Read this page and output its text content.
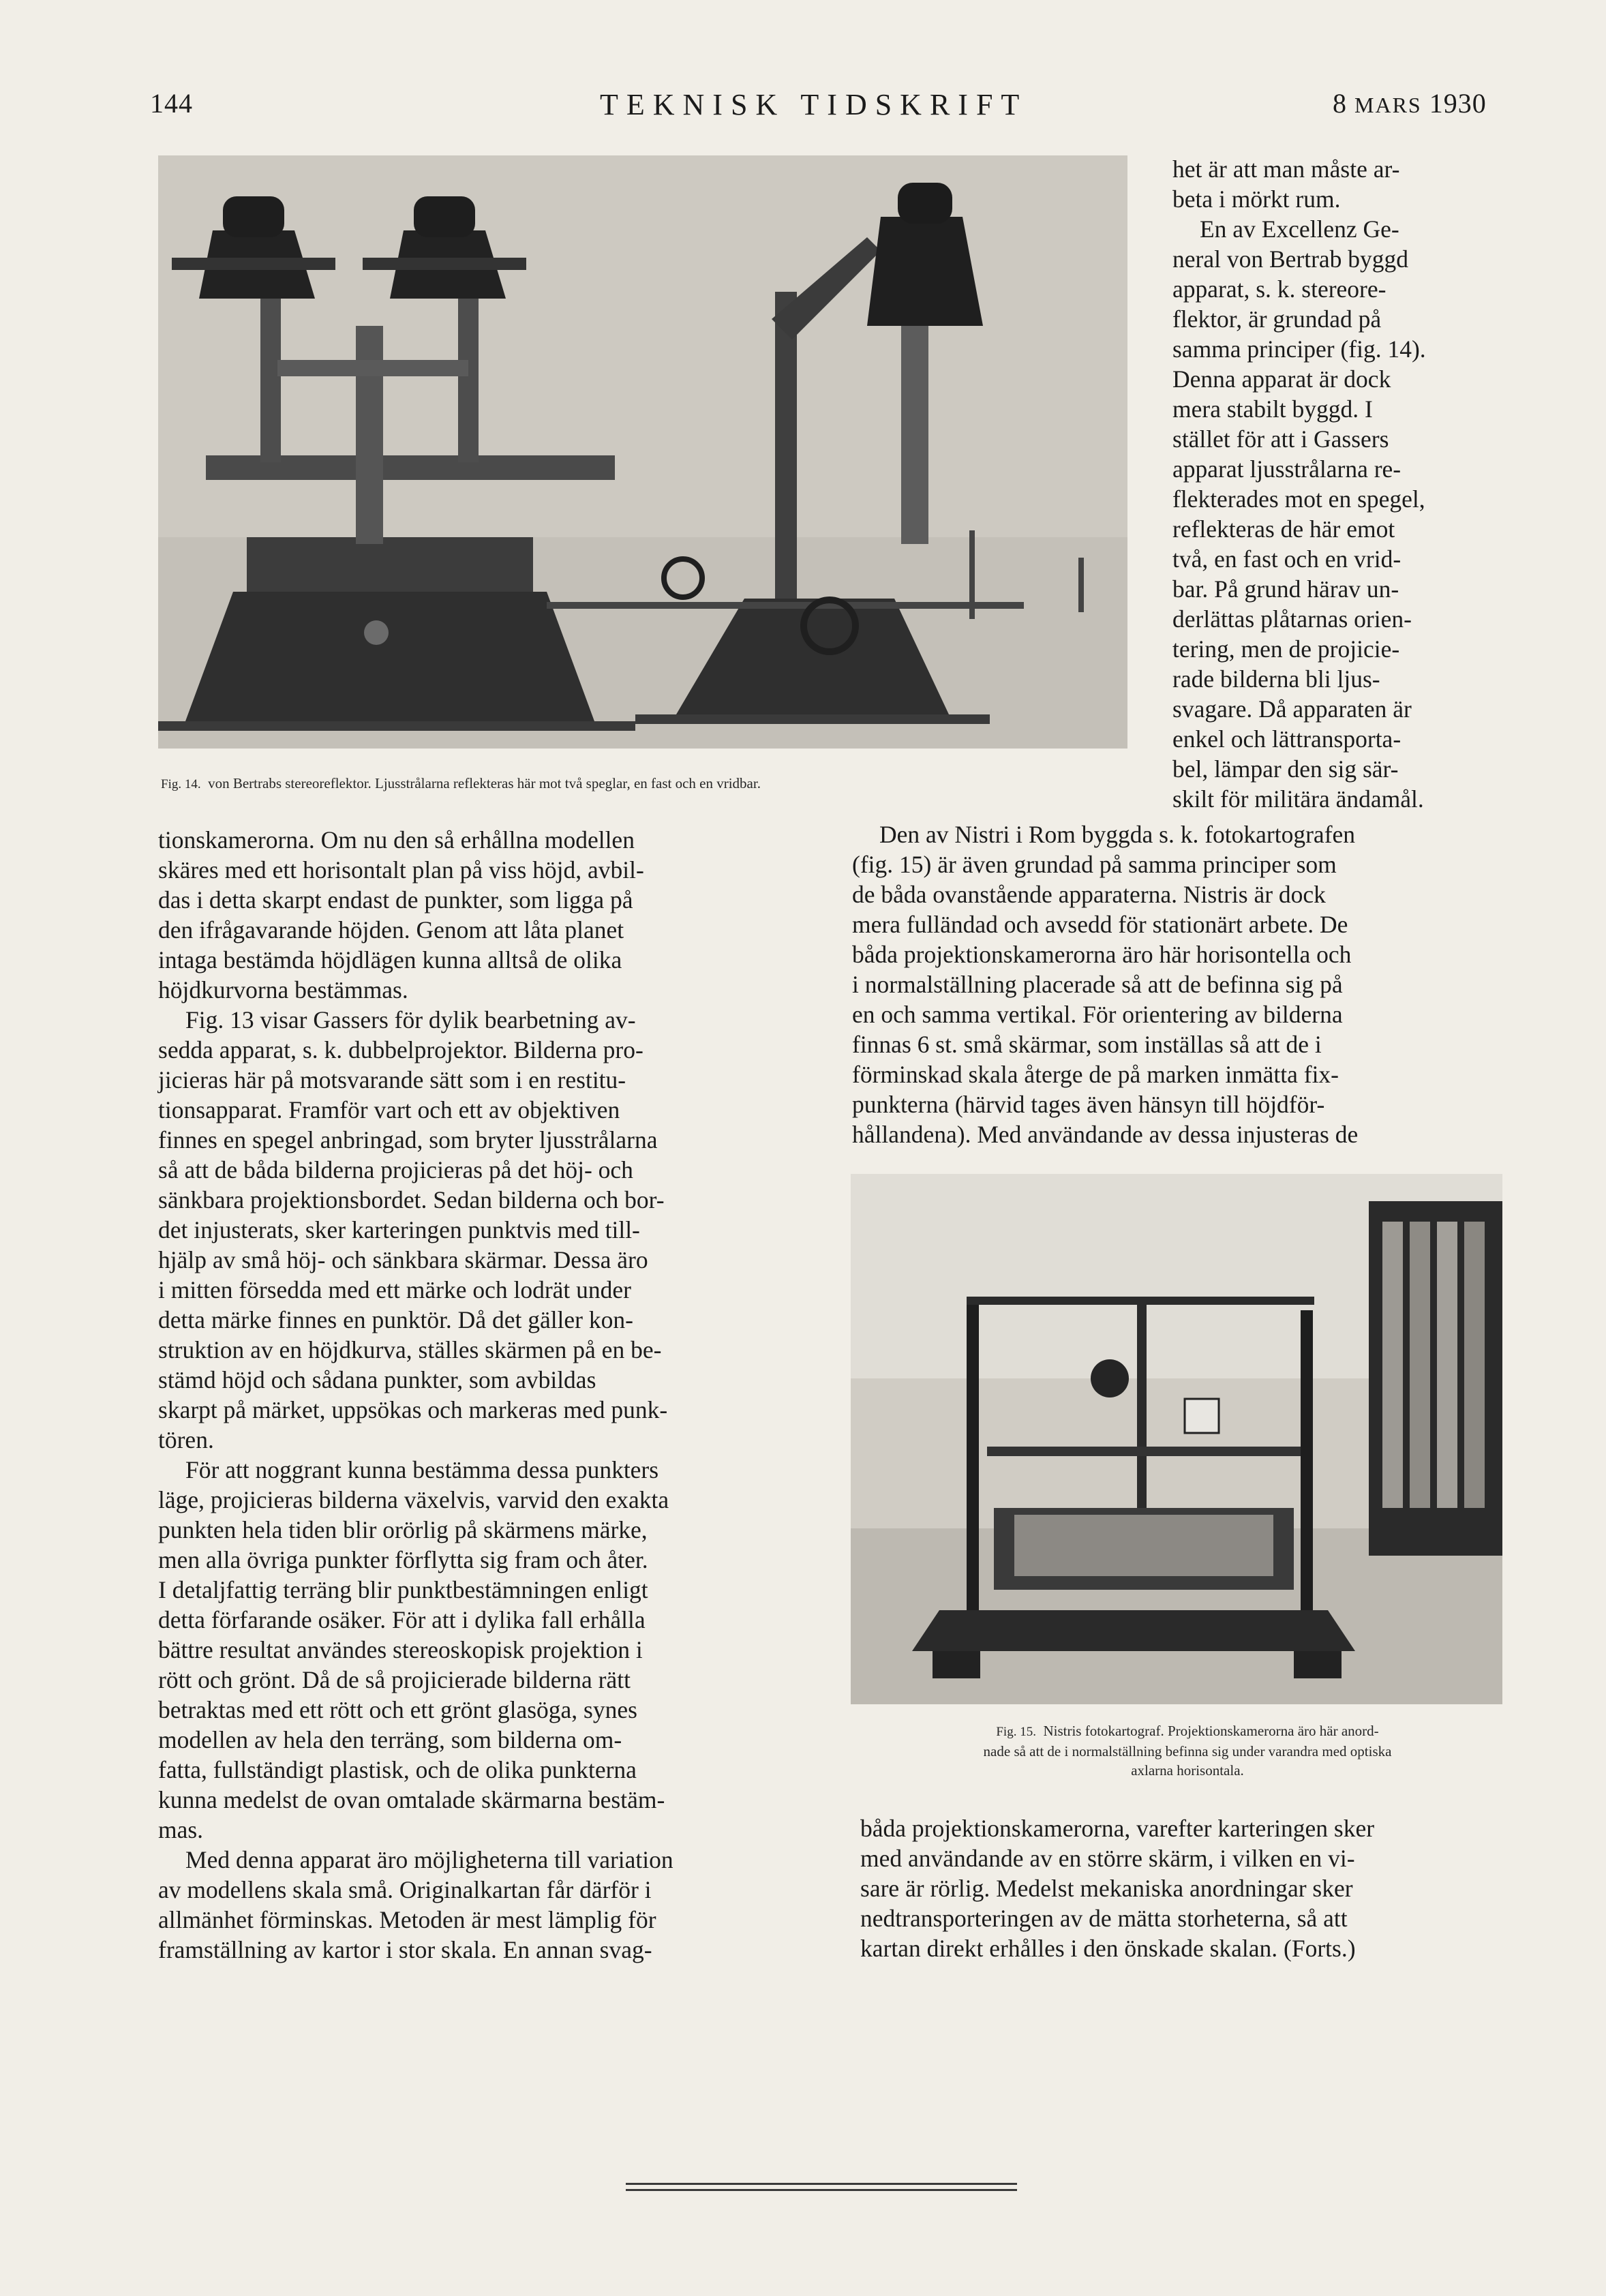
144	TEKNISK TIDSKRIFT	8 MARS 1930
Fig. 14. von Bertrabs stereoreflektor. Ljusstrålarna reflekteras här mot två speglar, en fast och en vridbar.
het är att man måste ar-
beta i mörkt rum.
En av Excellenz Ge-
neral von Bertrab byggd
apparat, s. k. stereore-
flektor, är grundad på
samma principer (fig. 14).
Denna apparat är dock
mera stabilt byggd. I
stället för att i Gassers
apparat ljusstrålarna re-
flekterades mot en spegel,
reflekteras de här emot
två, en fast och en vrid-
bar. På grund härav un-
derlättas plåtarnas orien-
tering, men de projicie-
rade bilderna bli ljus-
svagare. Då apparaten är
enkel och lättransporta-
bel, lämpar den sig sär-
skilt för militära ändamål.
tionskamerorna. Om nu den så erhållna modellen
skäres med ett horisontalt plan på viss höjd, avbil-
das i detta skarpt endast de punkter, som ligga på
den ifrågavarande höjden. Genom att låta planet
intaga bestämda höjdlägen kunna alltså de olika
höjdkurvorna bestämmas.
Fig. 13 visar Gassers för dylik bearbetning av-
sedda apparat, s. k. dubbelprojektor. Bilderna pro-
jicieras här på motsvarande sätt som i en restitu-
tionsapparat. Framför vart och ett av objektiven
finnes en spegel anbringad, som bryter ljusstrålarna
så att de båda bilderna projicieras på det höj- och
sänkbara projektionsbordet. Sedan bilderna och bor-
det injusterats, sker karteringen punktvis med till-
hjälp av små höj- och sänkbara skärmar. Dessa äro
i mitten försedda med ett märke och lodrät under
detta märke finnes en punktör. Då det gäller kon-
struktion av en höjdkurva, ställes skärmen på en be-
stämd höjd och sådana punkter, som avbildas
skarpt på märket, uppsökas och markeras med punk-
tören.
För att noggrant kunna bestämma dessa punkters
läge, projicieras bilderna växelvis, varvid den exakta
punkten hela tiden blir orörlig på skärmens märke,
men alla övriga punkter förflytta sig fram och åter.
I detaljfattig terräng blir punktbestämningen enligt
detta förfarande osäker. För att i dylika fall erhålla
bättre resultat användes stereoskopisk projektion i
rött och grönt. Då de så projicierade bilderna rätt
betraktas med ett rött och ett grönt glasöga, synes
modellen av hela den terräng, som bilderna om-
fatta, fullständigt plastisk, och de olika punkterna
kunna medelst de ovan omtalade skärmarna bestäm-
mas.
Med denna apparat äro möjligheterna till variation
av modellens skala små. Originalkartan får därför i
allmänhet förminskas. Metoden är mest lämplig för
framställning av kartor i stor skala. En annan svag-
Den av Nistri i Rom byggda s. k. fotokartografen
(fig. 15) är även grundad på samma principer som
de båda ovanstående apparaterna. Nistris är dock
mera fulländad och avsedd för stationärt arbete. De
båda projektionskamerorna äro här horisontella och
i normalställning placerade så att de befinna sig på
en och samma vertikal. För orientering av bilderna
finnas 6 st. små skärmar, som inställas så att de i
förminskad skala återge de på marken inmätta fix-
punkterna (härvid tages även hänsyn till höjdför-
hållandena). Med användande av dessa injusteras de
Fig. 15. Nistris fotokartograf. Projektionskamerorna äro här anord-
nade så att de i normalställning befinna sig under varandra med optiska
axlarna horisontala.
båda projektionskamerorna, varefter karteringen sker
med användande av en större skärm, i vilken en vi-
sare är rörlig. Medelst mekaniska anordningar sker
nedtransporteringen av de mätta storheterna, så att
kartan direkt erhålles i den önskade skalan. (Forts.)
